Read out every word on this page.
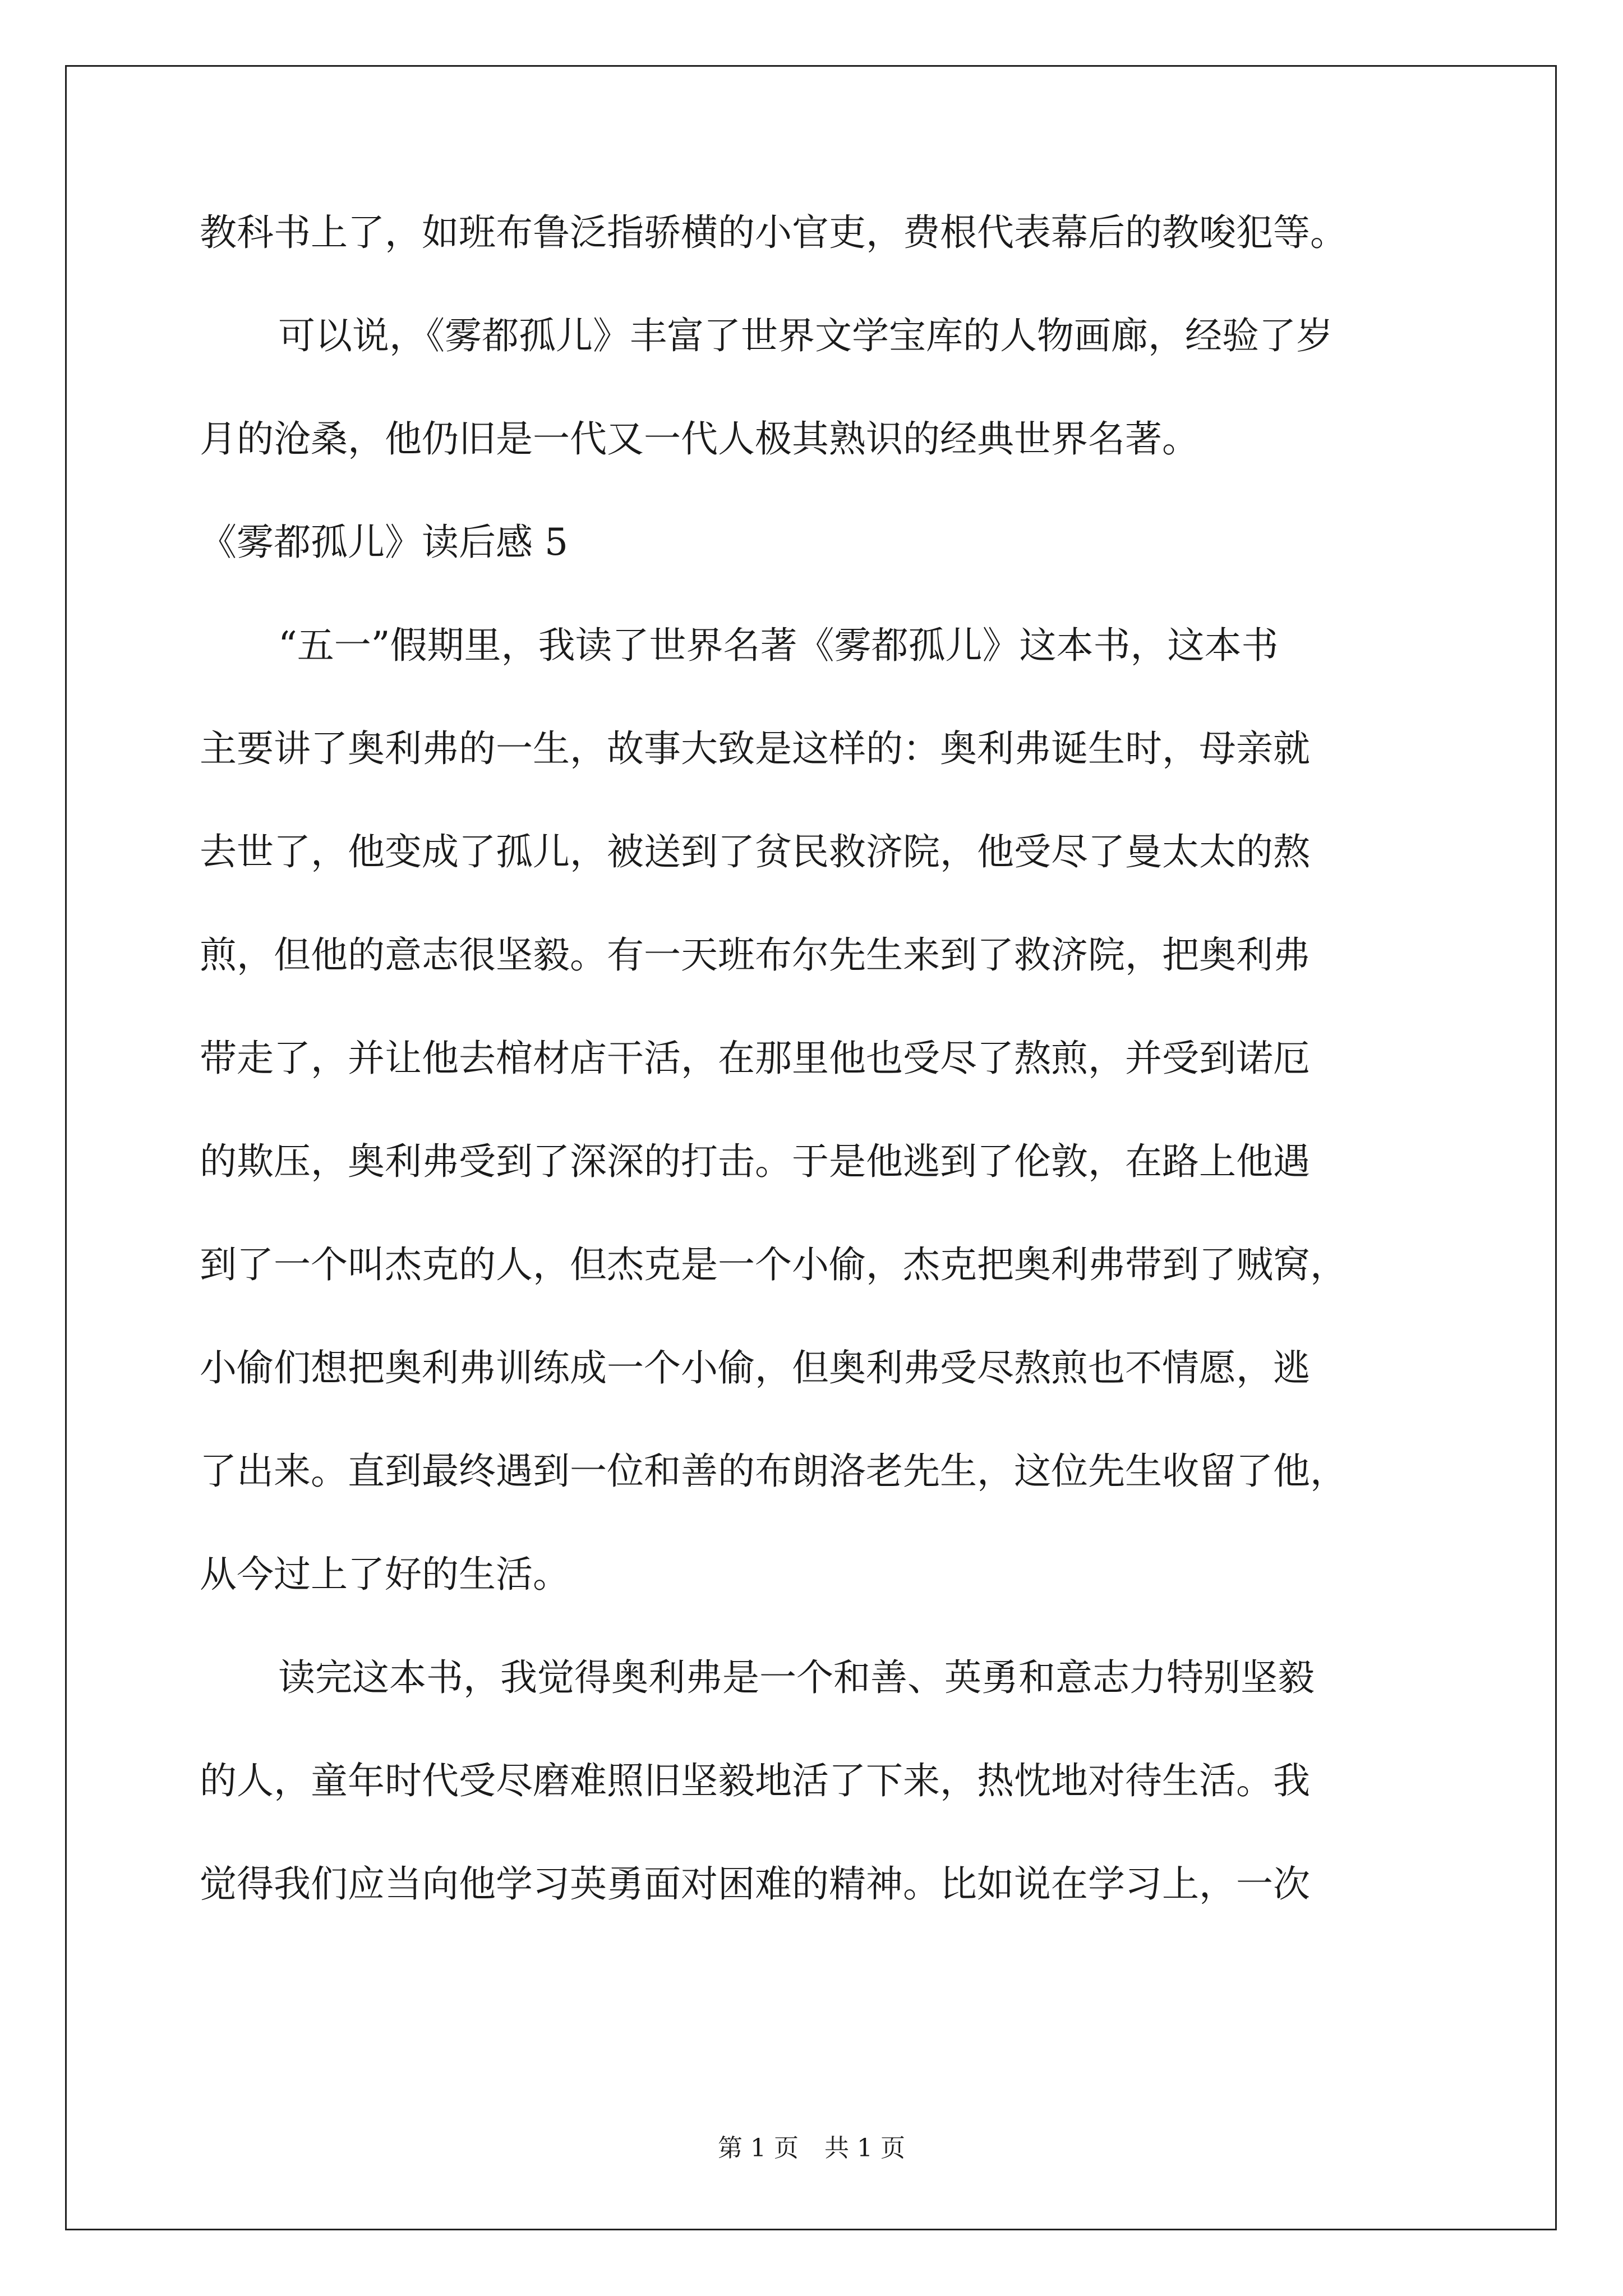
教科书上了，如班布鲁泛指骄横的小官吏，费根代表幕后的教唆犯等。
可以说，《雾都孤儿》丰富了世界文学宝库的人物画廊，经验了岁
月的沧桑，他仍旧是一代又一代人极其熟识的经典世界名著。
《雾都孤儿》读后感 5
“五一”假期里，我读了世界名著《雾都孤儿》这本书，这本书
主要讲了奥利弗的一生，故事大致是这样的：奥利弗诞生时，母亲就
去世了，他变成了孤儿，被送到了贫民救济院，他受尽了曼太太的熬
煎，但他的意志很坚毅。有一天班布尔先生来到了救济院，把奥利弗
带走了，并让他去棺材店干活，在那里他也受尽了熬煎，并受到诺厄
的欺压，奥利弗受到了深深的打击。于是他逃到了伦敦，在路上他遇
到了一个叫杰克的人，但杰克是一个小偷，杰克把奥利弗带到了贼窝，
小偷们想把奥利弗训练成一个小偷，但奥利弗受尽熬煎也不情愿，逃
了出来。直到最终遇到一位和善的布朗洛老先生，这位先生收留了他，
从今过上了好的生活。
读完这本书，我觉得奥利弗是一个和善、英勇和意志力特别坚毅
的人，童年时代受尽磨难照旧坚毅地活了下来，热忱地对待生活。我
觉得我们应当向他学习英勇面对困难的精神。比如说在学习上，一次
第 1 页 共 1 页
